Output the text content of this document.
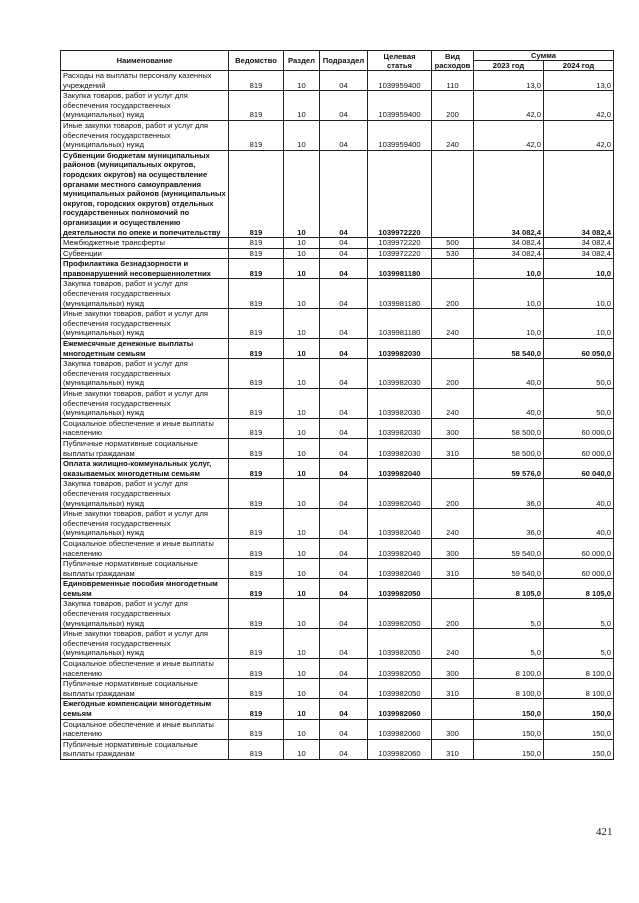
Наименование	Ведомство	Раздел	Подраздел	Целевая статья	Вид расходов	Сумма	
						2023 год	2024 год
Расходы на выплаты персоналу казенных учреждений	819	10	04	1039959400	110	13,0	13,0
Закупка товаров, работ и услуг для обеспечения государственных (муниципальных) нужд	819	10	04	1039959400	200	42,0	42,0
Иные закупки товаров, работ и услуг для обеспечения государственных (муниципальных) нужд	819	10	04	1039959400	240	42,0	42,0
Субвенции бюджетам муниципальных районов (муниципальных округов, городских округов) на осуществление органами местного самоуправления муниципальных районов (муниципальных округов, городских округов) отдельных государственных полномочий по организации и осуществлению деятельности по опеке и попечительству	819	10	04	1039972220		34 082,4	34 082,4
Межбюджетные трансферты	819	10	04	1039972220	500	34 082,4	34 082,4
Субвенции	819	10	04	1039972220	530	34 082,4	34 082,4
Профилактика безнадзорности и правонарушений несовершеннолетних	819	10	04	1039981180		10,0	10,0
Закупка товаров, работ и услуг для обеспечения государственных (муниципальных) нужд	819	10	04	1039981180	200	10,0	10,0
Иные закупки товаров, работ и услуг для обеспечения государственных (муниципальных) нужд	819	10	04	1039981180	240	10,0	10,0
Ежемесячные денежные выплаты многодетным семьям	819	10	04	1039982030		58 540,0	60 050,0
Закупка товаров, работ и услуг для обеспечения государственных (муниципальных) нужд	819	10	04	1039982030	200	40,0	50,0
Иные закупки товаров, работ и услуг для обеспечения государственных (муниципальных) нужд	819	10	04	1039982030	240	40,0	50,0
Социальное обеспечение и иные выплаты населению	819	10	04	1039982030	300	58 500,0	60 000,0
Публичные нормативные социальные выплаты гражданам	819	10	04	1039982030	310	58 500,0	60 000,0
Оплата жилищно-коммунальных услуг, оказываемых многодетным семьям	819	10	04	1039982040		59 576,0	60 040,0
Закупка товаров, работ и услуг для обеспечения государственных (муниципальных) нужд	819	10	04	1039982040	200	36,0	40,0
Иные закупки товаров, работ и услуг для обеспечения государственных (муниципальных) нужд	819	10	04	1039982040	240	36,0	40,0
Социальное обеспечение и иные выплаты населению	819	10	04	1039982040	300	59 540,0	60 000,0
Публичные нормативные социальные выплаты гражданам	819	10	04	1039982040	310	59 540,0	60 000,0
Единовременные пособия многодетным семьям	819	10	04	1039982050		8 105,0	8 105,0
Закупка товаров, работ и услуг для обеспечения государственных (муниципальных) нужд	819	10	04	1039982050	200	5,0	5,0
Иные закупки товаров, работ и услуг для обеспечения государственных (муниципальных) нужд	819	10	04	1039982050	240	5,0	5,0
Социальное обеспечение и иные выплаты населению	819	10	04	1039982050	300	8 100,0	8 100,0
Публичные нормативные социальные выплаты гражданам	819	10	04	1039982050	310	8 100,0	8 100,0
Ежегодные компенсации многодетным семьям	819	10	04	1039982060		150,0	150,0
Социальное обеспечение и иные выплаты населению	819	10	04	1039982060	300	150,0	150,0
Публичные нормативные социальные выплаты гражданам	819	10	04	1039982060	310	150,0	150,0
421
